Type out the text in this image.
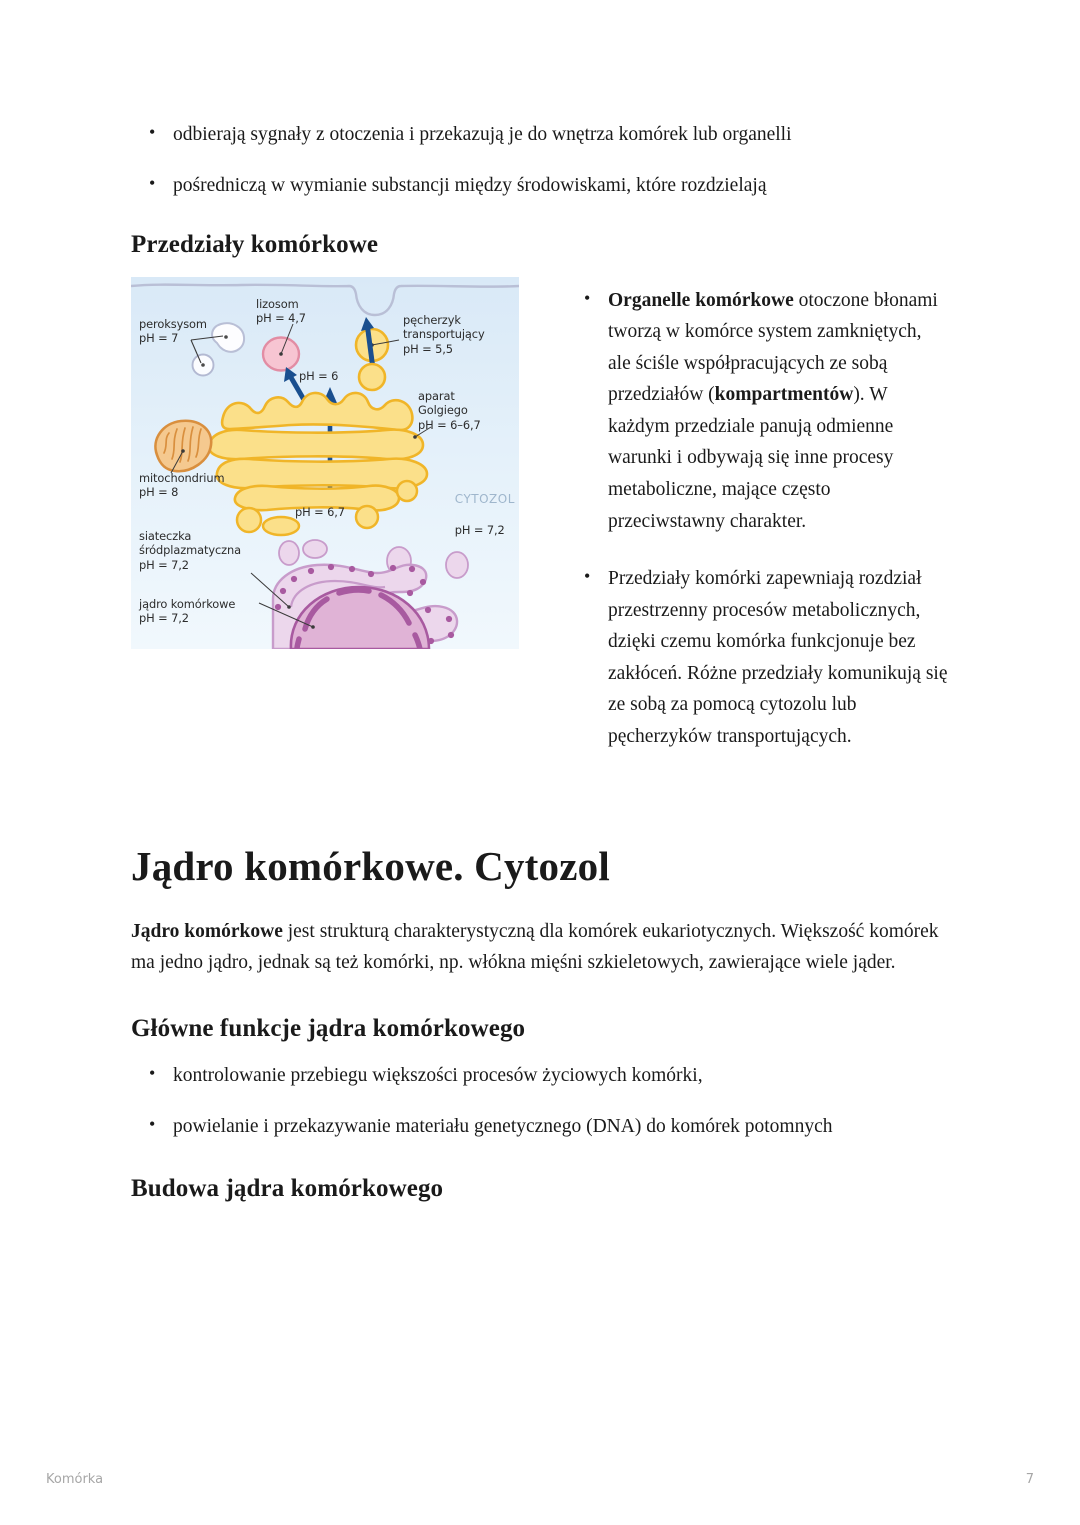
• odbierają sygnały z otoczenia i przekazują je do wnętrza komórek lub organelli
• pośredniczą w wymianie substancji między środowiskami, które rozdzielają
Przedziały komórkowe
peroksysom
pH = 7
lizosom
pH = 4,7	pęcherzyk
transportujący
pH = 5,5
pH = 6
aparat
Golgiego
pH = 6–6,7
mitochondrium
pH = 8
pH = 6,7

CYTOZOL

pH = 7,2

siateczka
śródplazmatyczna
pH = 7,2
jądro komórkowe
pH = 7,2
• Organelle komórkowe otoczone błonami tworzą w komórce system zamkniętych, ale ściśle współpracujących ze sobą przedziałów (kompartmentów). W każdym przedziale panują odmienne warunki i odbywają się inne procesy metaboliczne, mające często przeciwstawny charakter.
• Przedziały komórki zapewniają rozdział przestrzenny procesów metabolicznych, dzięki czemu komórka funkcjonuje bez zakłóceń. Różne przedziały komunikują się ze sobą za pomocą cytozolu lub pęcherzyków transportujących.
Jądro komórkowe. Cytozol

Jądro komórkowe jest strukturą charakterystyczną dla komórek eukariotycznych. Większość komórek ma jedno jądro, jednak są też komórki, np. włókna mięśni szkieletowych, zawierające wiele jąder.

Główne funkcje jądra komórkowego
• kontrolowanie przebiegu większości procesów życiowych komórki,
• powielanie i przekazywanie materiału genetycznego (DNA) do komórek potomnych
Budowa jądra komórkowego
Komórka	7
